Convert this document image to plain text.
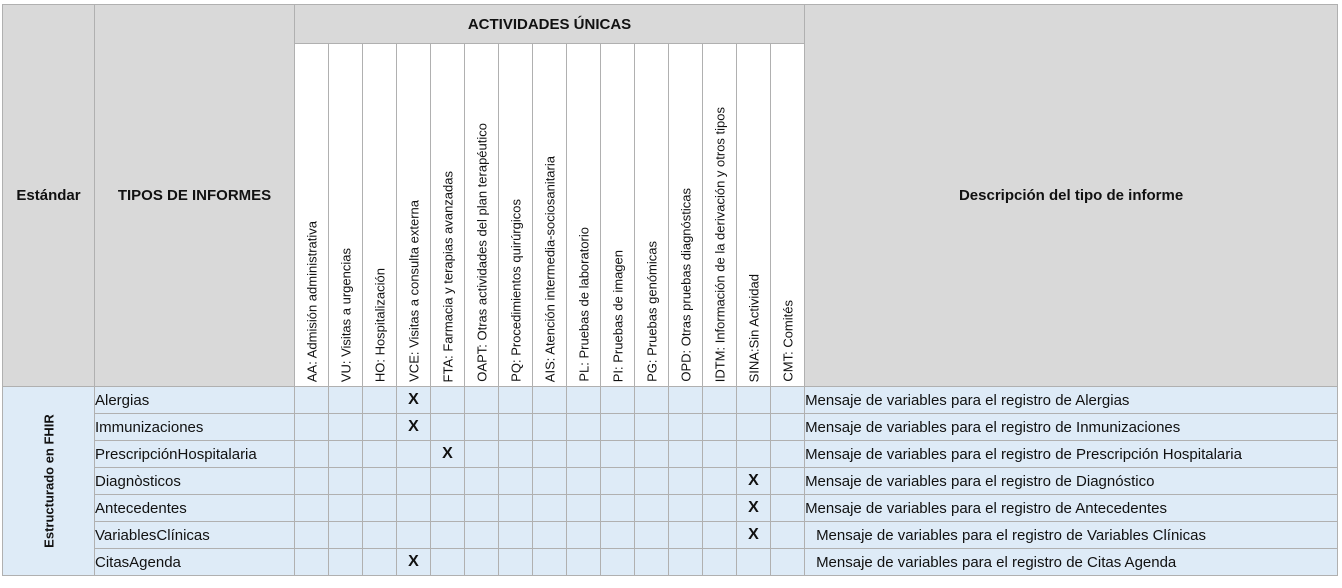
Estándar	TIPOS DE INFORMES	ACTIVIDADES ÚNICAS															Descripción del tipo de informe

		AA: Admisión administrativa	VU: Visitas a urgencias	HO: Hospitalización	VCE: Visitas a consulta externa	FTA: Farmacia y terapias avanzadas	OAPT: Otras actividades del plan terapéutico	PQ: Procedimientos quirúrgicos	AIS: Atención intermedia-sociosanitaria	PL: Pruebas de laboratorio	PI: Pruebas de imagen	PG: Pruebas genómicas	OPD: Otras pruebas diagnósticas	IDTM: Información de la derivación y otros tipos	SINA:Sin Actividad	CMT: Comités	

Estructurado en FHIR	Alergias				X												Mensaje de variables para el registro de Alergias
	Immunizaciones				X												Mensaje de variables para el registro de Inmunizaciones
	PrescripciónHospitalaria					X											Mensaje de variables para el registro de Prescripción Hospitalaria
	Diagnòsticos														X		Mensaje de variables para el registro de Diagnóstico
	Antecedentes														X		Mensaje de variables para el registro de Antecedentes
	VariablesClínicas														X		Mensaje de variables para el registro de Variables Clínicas
	CitasAgenda				X												Mensaje de variables para el registro de Citas Agenda
